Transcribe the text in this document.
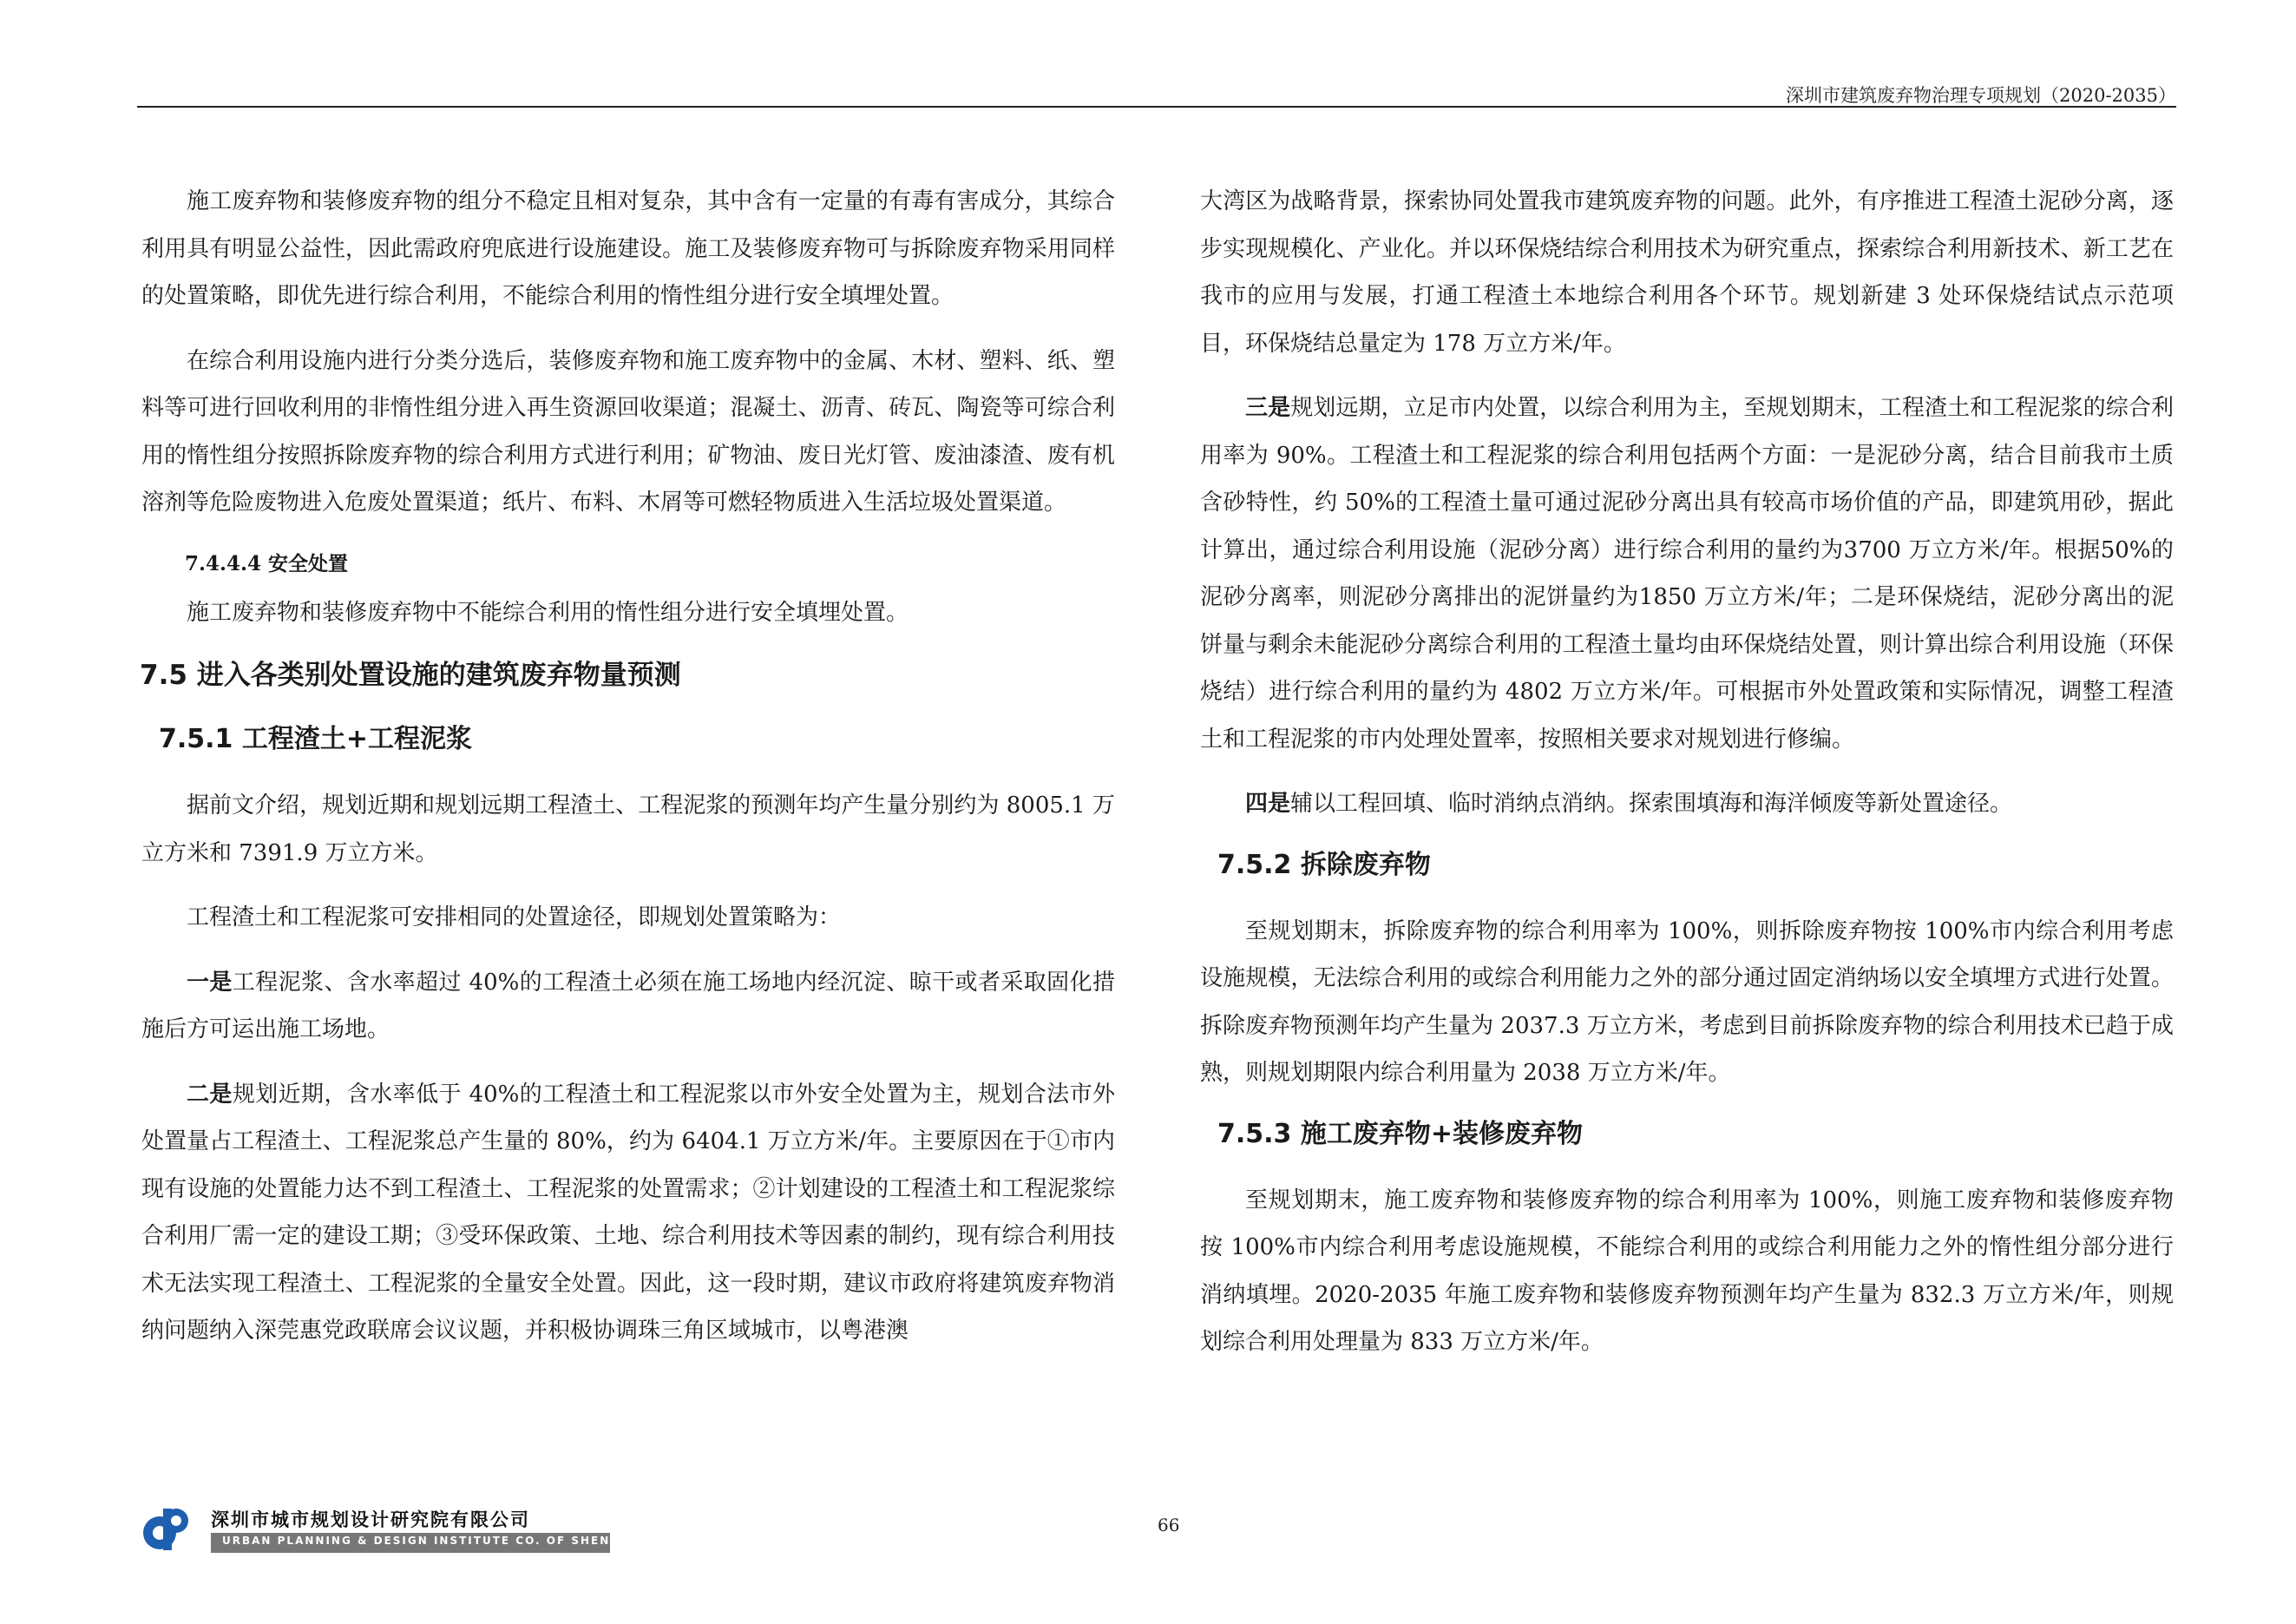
深圳市建筑废弃物治理专项规划（2020-2035）

施工废弃物和装修废弃物的组分不稳定且相对复杂，其中含有一定量的有毒有害成分，其综合利用具有明显公益性，因此需政府兜底进行设施建设。施工及装修废弃物可与拆除废弃物采用同样的处置策略，即优先进行综合利用，不能综合利用的惰性组分进行安全填埋处置。

在综合利用设施内进行分类分选后，装修废弃物和施工废弃物中的金属、木材、塑料、纸、塑料等可进行回收利用的非惰性组分进入再生资源回收渠道；混凝土、沥青、砖瓦、陶瓷等可综合利用的惰性组分按照拆除废弃物的综合利用方式进行利用；矿物油、废日光灯管、废油漆渣、废有机溶剂等危险废物进入危废处置渠道；纸片、布料、木屑等可燃轻物质进入生活垃圾处置渠道。

7.4.4.4 安全处置

施工废弃物和装修废弃物中不能综合利用的惰性组分进行安全填埋处置。

7.5 进入各类别处置设施的建筑废弃物量预测
7.5.1 工程渣土+工程泥浆

据前文介绍，规划近期和规划远期工程渣土、工程泥浆的预测年均产生量分别约为 8005.1 万立方米和 7391.9 万立方米。

工程渣土和工程泥浆可安排相同的处置途径，即规划处置策略为：

一是工程泥浆、含水率超过 40%的工程渣土必须在施工场地内经沉淀、晾干或者采取固化措施后方可运出施工场地。

二是规划近期，含水率低于 40%的工程渣土和工程泥浆以市外安全处置为主，规划合法市外处置量占工程渣土、工程泥浆总产生量的 80%，约为 6404.1 万立方米/年。主要原因在于①市内现有设施的处置能力达不到工程渣土、工程泥浆的处置需求；②计划建设的工程渣土和工程泥浆综合利用厂需一定的建设工期；③受环保政策、土地、综合利用技术等因素的制约，现有综合利用技术无法实现工程渣土、工程泥浆的全量安全处置。因此，这一段时期，建议市政府将建筑废弃物消纳问题纳入深莞惠党政联席会议议题，并积极协调珠三角区域城市，以粤港澳

大湾区为战略背景，探索协同处置我市建筑废弃物的问题。此外，有序推进工程渣土泥砂分离，逐步实现规模化、产业化。并以环保烧结综合利用技术为研究重点，探索综合利用新技术、新工艺在我市的应用与发展，打通工程渣土本地综合利用各个环节。规划新建 3 处环保烧结试点示范项目，环保烧结总量定为 178 万立方米/年。

三是规划远期，立足市内处置，以综合利用为主，至规划期末，工程渣土和工程泥浆的综合利用率为 90%。工程渣土和工程泥浆的综合利用包括两个方面：一是泥砂分离，结合目前我市土质含砂特性，约 50%的工程渣土量可通过泥砂分离出具有较高市场价值的产品，即建筑用砂，据此计算出，通过综合利用设施（泥砂分离）进行综合利用的量约为3700 万立方米/年。根据50%的泥砂分离率，则泥砂分离排出的泥饼量约为1850 万立方米/年；二是环保烧结，泥砂分离出的泥饼量与剩余未能泥砂分离综合利用的工程渣土量均由环保烧结处置，则计算出综合利用设施（环保烧结）进行综合利用的量约为 4802 万立方米/年。可根据市外处置政策和实际情况，调整工程渣土和工程泥浆的市内处理处置率，按照相关要求对规划进行修编。

四是辅以工程回填、临时消纳点消纳。探索围填海和海洋倾废等新处置途径。

7.5.2 拆除废弃物

至规划期末，拆除废弃物的综合利用率为 100%，则拆除废弃物按 100%市内综合利用考虑设施规模，无法综合利用的或综合利用能力之外的部分通过固定消纳场以安全填埋方式进行处置。拆除废弃物预测年均产生量为 2037.3 万立方米，考虑到目前拆除废弃物的综合利用技术已趋于成熟，则规划期限内综合利用量为 2038 万立方米/年。

7.5.3 施工废弃物+装修废弃物

至规划期末，施工废弃物和装修废弃物的综合利用率为 100%，则施工废弃物和装修废弃物按 100%市内综合利用考虑设施规模，不能综合利用的或综合利用能力之外的惰性组分部分进行消纳填埋。2020-2035 年施工废弃物和装修废弃物预测年均产生量为 832.3 万立方米/年，则规划综合利用处理量为 833 万立方米/年。

深圳市城市规划设计研究院有限公司
URBAN PLANNING & DESIGN INSTITUTE CO. OF SHENZHEN
66
